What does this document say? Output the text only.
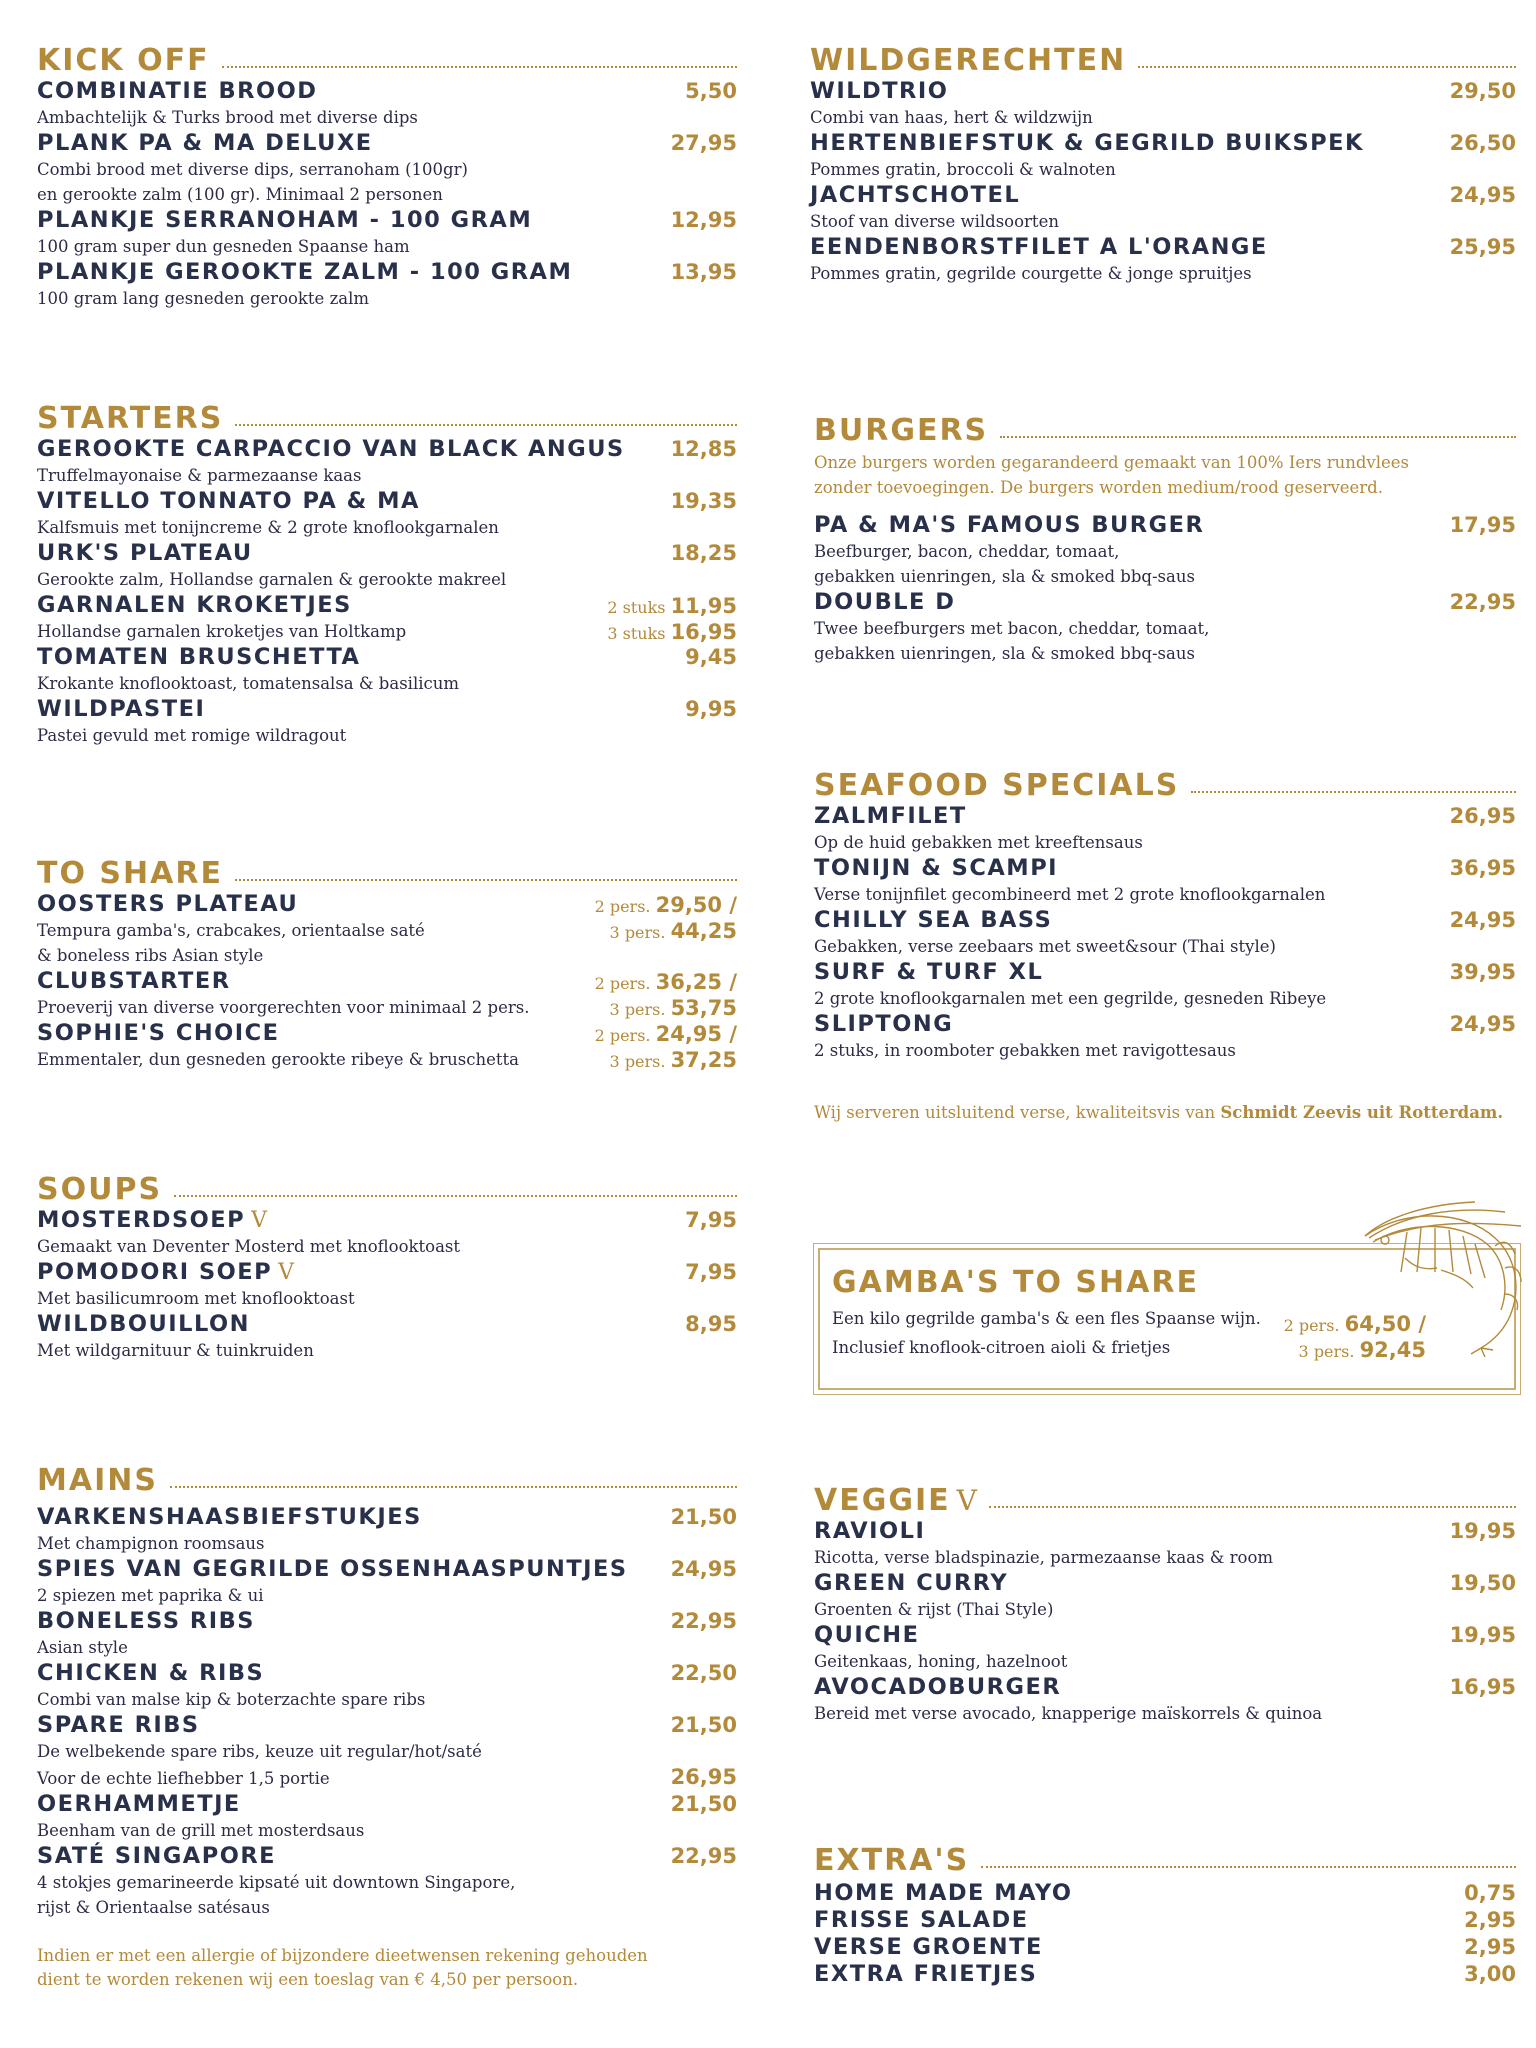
KICK OFF
COMBINATIE BROOD	5,50
Ambachtelijk & Turks brood met diverse dips
PLANK PA & MA DELUXE	27,95
Combi brood met diverse dips, serranoham (100gr)
en gerookte zalm (100 gr). Minimaal 2 personen
PLANKJE SERRANOHAM - 100 GRAM	12,95
100 gram super dun gesneden Spaanse ham
PLANKJE GEROOKTE ZALM - 100 GRAM	13,95
100 gram lang gesneden gerookte zalm
STARTERS
GEROOKTE CARPACCIO VAN BLACK ANGUS 12,85
Truffelmayonaise & parmezaanse kaas
VITELLO TONNATO PA & MA	19,35
Kalfsmuis met tonijncreme & 2 grote knoflookgarnalen
URK'S PLATEAU	18,25
Gerookte zalm, Hollandse garnalen & gerookte makreel
GARNALEN KROKETJES	2 stuks 11,95
3 stuks 16,95
Hollandse garnalen kroketjes van Holtkamp
TOMATEN BRUSCHETTA	9,45
Krokante knoflooktoast, tomatensalsa & basilicum
WILDPASTEI	9,95
Pastei gevuld met romige wildragout
TO SHARE
OOSTERS PLATEAU	2 pers. 29,50 /
3 pers. 44,25
Tempura gamba's, crabcakes, orientaalse saté
& boneless ribs Asian style
CLUBSTARTER	2 pers. 36,25 /
3 pers. 53,75
Proeverij van diverse voorgerechten voor minimaal 2 pers.
SOPHIE'S CHOICE	2 pers. 24,95 /
3 pers. 37,25
Emmentaler, dun gesneden gerookte ribeye & bruschetta
SOUPS
MOSTERDSOEP V	7,95
Gemaakt van Deventer Mosterd met knoflooktoast
POMODORI SOEP V	7,95
Met basilicumroom met knoflooktoast
WILDBOUILLON	8,95
Met wildgarnituur & tuinkruiden
MAINS
VARKENSHAASBIEFSTUKJES	21,50
Met champignon roomsaus
SPIES VAN GEGRILDE OSSENHAASPUNTJES 24,95
2 spiezen met paprika & ui
BONELESS RIBS	22,95
Asian style
CHICKEN & RIBS	22,50
Combi van malse kip & boterzachte spare ribs
SPARE RIBS	21,50
De welbekende spare ribs, keuze uit regular/hot/saté
Voor de echte liefhebber 1,5 portie	26,95
OERHAMMETJE	21,50
Beenham van de grill met mosterdsaus
SATÉ SINGAPORE	22,95
4 stokjes gemarineerde kipsaté uit downtown Singapore,
rijst & Orientaalse satésaus
Indien er met een allergie of bijzondere dieetwensen rekening gehouden
dient te worden rekenen wij een toeslag van € 4,50 per persoon.
WILDGERECHTEN
WILDTRIO	29,50
Combi van haas, hert & wildzwijn
HERTENBIEFSTUK & GEGRILD BUIKSPEK	26,50
Pommes gratin, broccoli & walnoten
JACHTSCHOTEL	24,95
Stoof van diverse wildsoorten
EENDENBORSTFILET A L'ORANGE	25,95
Pommes gratin, gegrilde courgette & jonge spruitjes
BURGERS
Onze burgers worden gegarandeerd gemaakt van 100% Iers rundvlees
zonder toevoegingen. De burgers worden medium/rood geserveerd.
PA & MA'S FAMOUS BURGER	17,95
Beefburger, bacon, cheddar, tomaat,
gebakken uienringen, sla & smoked bbq-saus
DOUBLE D	22,95
Twee beefburgers met bacon, cheddar, tomaat,
gebakken uienringen, sla & smoked bbq-saus
SEAFOOD SPECIALS
ZALMFILET	26,95
Op de huid gebakken met kreeftensaus
TONIJN & SCAMPI	36,95
Verse tonijnfilet gecombineerd met 2 grote knoflookgarnalen
CHILLY SEA BASS	24,95
Gebakken, verse zeebaars met sweet&sour (Thai style)
SURF & TURF XL	39,95
2 grote knoflookgarnalen met een gegrilde, gesneden Ribeye
SLIPTONG	24,95
2 stuks, in roomboter gebakken met ravigottesaus
Wij serveren uitsluitend verse, kwaliteitsvis van Schmidt Zeevis uit Rotterdam.
GAMBA'S TO SHARE
Een kilo gegrilde gamba's & een fles Spaanse wijn.
Inclusief knoflook-citroen aioli & frietjes
2 pers. 64,50 /
3 pers. 92,45
VEGGIE V
RAVIOLI	19,95
Ricotta, verse bladspinazie, parmezaanse kaas & room
GREEN CURRY	19,50
Groenten & rijst (Thai Style)
QUICHE	19,95
Geitenkaas, honing, hazelnoot
AVOCADOBURGER	16,95
Bereid met verse avocado, knapperige maïskorrels & quinoa
EXTRA'S
HOME MADE MAYO	0,75
FRISSE SALADE	2,95
VERSE GROENTE	2,95
EXTRA FRIETJES	3,00
